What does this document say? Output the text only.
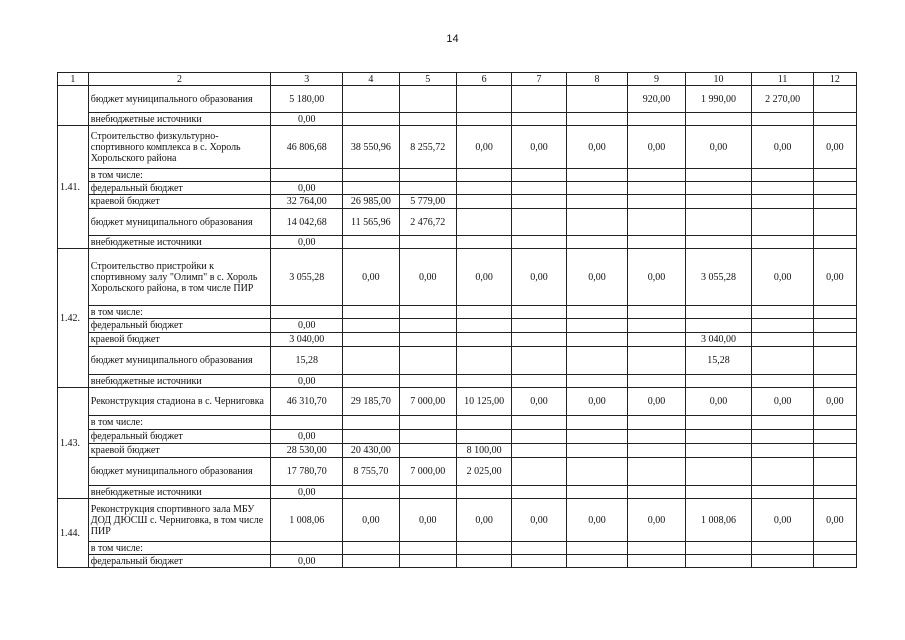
14
1	2	3	4	5	6	7	8	9	10	11	12
	бюджет муниципального образования	5 180,00						920,00	1 990,00	2 270,00	
	внебюджетные источники	0,00									
1.41.	Строительство физкультурно-спортивного комплекса в с. Хороль Хорольского района	46 806,68	38 550,96	8 255,72	0,00	0,00	0,00	0,00	0,00	0,00	0,00
	в том числе:										
	федеральный бюджет	0,00									
	краевой бюджет	32 764,00	26 985,00	5 779,00							
	бюджет муниципального образования	14 042,68	11 565,96	2 476,72							
	внебюджетные источники	0,00									
1.42.	Строительство пристройки к спортивному залу "Олимп" в с. Хороль Хорольского района, в том числе ПИР	3 055,28	0,00	0,00	0,00	0,00	0,00	0,00	3 055,28	0,00	0,00
	в том числе:										
	федеральный бюджет	0,00									
	краевой бюджет	3 040,00							3 040,00		
	бюджет муниципального образования	15,28							15,28		
	внебюджетные источники	0,00									
1.43.	Реконструкция стадиона в с. Черниговка	46 310,70	29 185,70	7 000,00	10 125,00	0,00	0,00	0,00	0,00	0,00	0,00
	в том числе:										
	федеральный бюджет	0,00									
	краевой бюджет	28 530,00	20 430,00		8 100,00						
	бюджет муниципального образования	17 780,70	8 755,70	7 000,00	2 025,00						
	внебюджетные источники	0,00									
1.44.	Реконструкция спортивного зала МБУ ДОД ДЮСШ с. Черниговка, в том числе ПИР	1 008,06	0,00	0,00	0,00	0,00	0,00	0,00	1 008,06	0,00	0,00
	в том числе:										
	федеральный бюджет	0,00									
